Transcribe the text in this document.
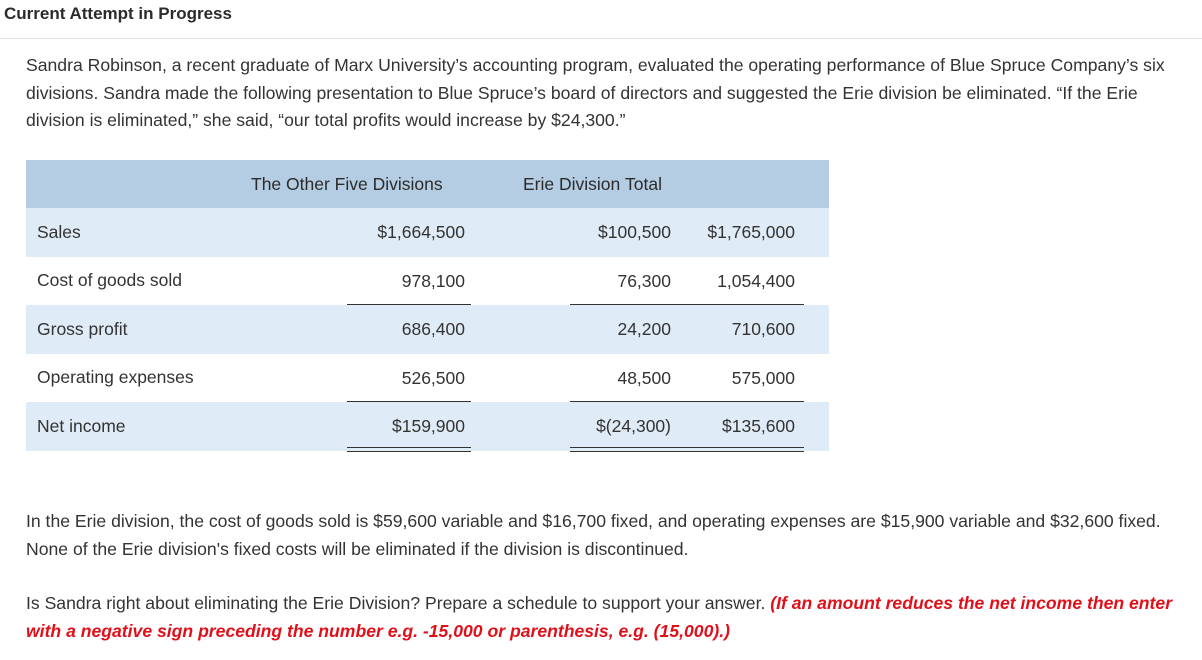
Current Attempt in Progress
Sandra Robinson, a recent graduate of Marx University’s accounting program, evaluated the operating performance of Blue Spruce Company’s six divisions. Sandra made the following presentation to Blue Spruce’s board of directors and suggested the Erie division be eliminated. “If the Erie division is eliminated,” she said, “our total profits would increase by $24,300.”
	The Other Five Divisions	Erie Division	Total
Sales	$1,664,500	$100,500	$1,765,000

Cost of goods sold	978,100	76,300	1,054,400

Gross profit	686,400	24,200	710,600

Operating expenses	526,500	48,500	575,000

Net income	$159,900	$(24,300)	$135,600
In the Erie division, the cost of goods sold is $59,600 variable and $16,700 fixed, and operating expenses are $15,900 variable and $32,600 fixed. None of the Erie division's fixed costs will be eliminated if the division is discontinued.
Is Sandra right about eliminating the Erie Division? Prepare a schedule to support your answer. (If an amount reduces the net income then enter with a negative sign preceding the number e.g. -15,000 or parenthesis, e.g. (15,000).)
